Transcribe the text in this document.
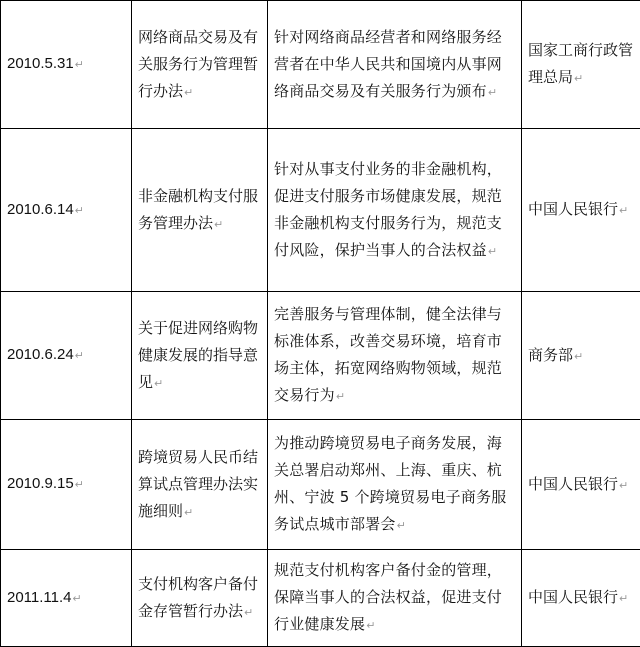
2010.5.31 ↵	网络商品交易及有关服务行为管理暂行办法 ↵	针对网络商品经营者和网络服务经营者在中华人民共和国境内从事网络商品交易及有关服务行为颁布 ↵	国家工商行政管理总局 ↵
2010.6.14 ↵	非金融机构支付服务管理办法 ↵	针对从事支付业务的非金融机构，促进支付服务市场健康发展，规范非金融机构支付服务行为，规范支付风险，保护当事人的合法权益 ↵	中国人民银行 ↵
2010.6.24 ↵	关于促进网络购物健康发展的指导意见 ↵	完善服务与管理体制，健全法律与标准体系，改善交易环境，培育市场主体，拓宽网络购物领域，规范交易行为 ↵	商务部 ↵
2010.9.15 ↵	跨境贸易人民币结算试点管理办法实施细则 ↵	为推动跨境贸易电子商务发展，海关总署启动郑州、上海、重庆、杭州、宁波 5 个跨境贸易电子商务服务试点城市部署会 ↵	中国人民银行 ↵
2011.11.4 ↵	支付机构客户备付金存管暂行办法 ↵	规范支付机构客户备付金的管理，保障当事人的合法权益，促进支付行业健康发展 ↵	中国人民银行 ↵
